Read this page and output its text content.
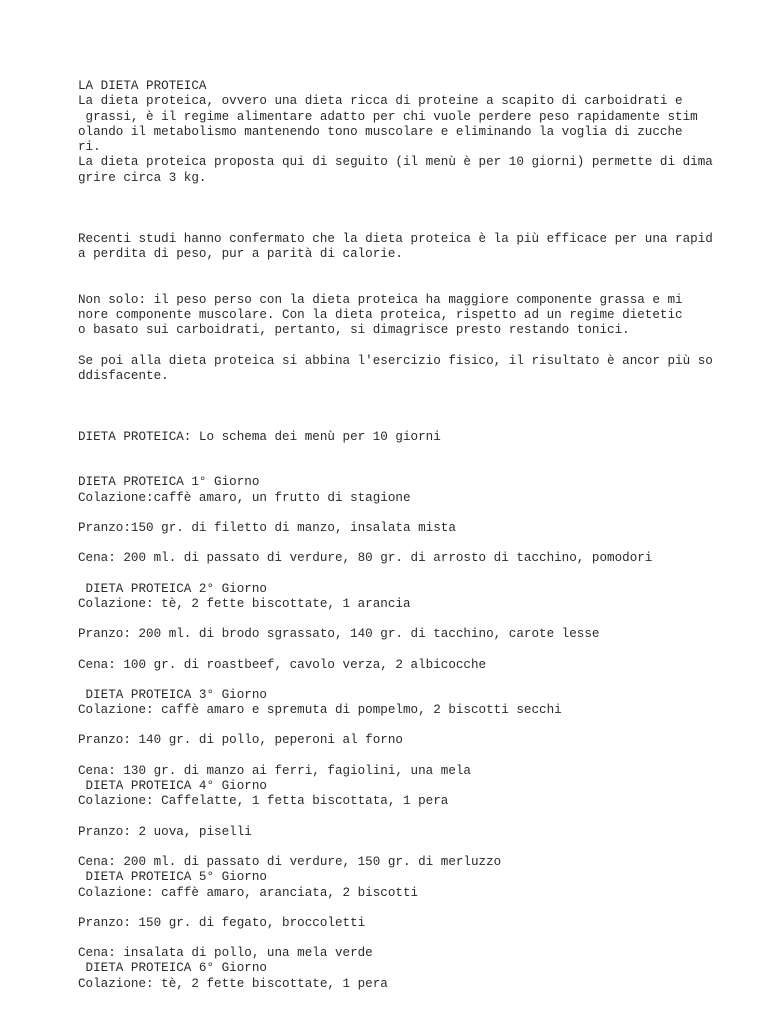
LA DIETA PROTEICA
La dieta proteica, ovvero una dieta ricca di proteine a scapito di carboidrati e
grassi, è il regime alimentare adatto per chi vuole perdere peso rapidamente stim
olando il metabolismo mantenendo tono muscolare e eliminando la voglia di zucche
ri.
La dieta proteica proposta qui di seguito (il menù è per 10 giorni) permette di dima
grire circa 3 kg.
Recenti studi hanno confermato che la dieta proteica è la più efficace per una rapid
a perdita di peso, pur a parità di calorie.
Non solo: il peso perso con la dieta proteica ha maggiore componente grassa e mi
nore componente muscolare. Con la dieta proteica, rispetto ad un regime dietetic
o basato sui carboidrati, pertanto, si dimagrisce presto restando tonici.
Se poi alla dieta proteica si abbina l'esercizio fisico, il risultato è ancor più so
ddisfacente.
DIETA PROTEICA: Lo schema dei menù per 10 giorni
DIETA PROTEICA 1° Giorno
Colazione:caffè amaro, un frutto di stagione
Pranzo:150 gr. di filetto di manzo, insalata mista
Cena: 200 ml. di passato di verdure, 80 gr. di arrosto di tacchino, pomodori
DIETA PROTEICA 2° Giorno
Colazione: tè, 2 fette biscottate, 1 arancia
Pranzo: 200 ml. di brodo sgrassato, 140 gr. di tacchino, carote lesse
Cena: 100 gr. di roastbeef, cavolo verza, 2 albicocche
DIETA PROTEICA 3° Giorno
Colazione: caffè amaro e spremuta di pompelmo, 2 biscotti secchi
Pranzo: 140 gr. di pollo, peperoni al forno
Cena: 130 gr. di manzo ai ferri, fagiolini, una mela
DIETA PROTEICA 4° Giorno
Colazione: Caffelatte, 1 fetta biscottata, 1 pera
Pranzo: 2 uova, piselli
Cena: 200 ml. di passato di verdure, 150 gr. di merluzzo
DIETA PROTEICA 5° Giorno
Colazione: caffè amaro, aranciata, 2 biscotti
Pranzo: 150 gr. di fegato, broccoletti
Cena: insalata di pollo, una mela verde
DIETA PROTEICA 6° Giorno
Colazione: tè, 2 fette biscottate, 1 pera
